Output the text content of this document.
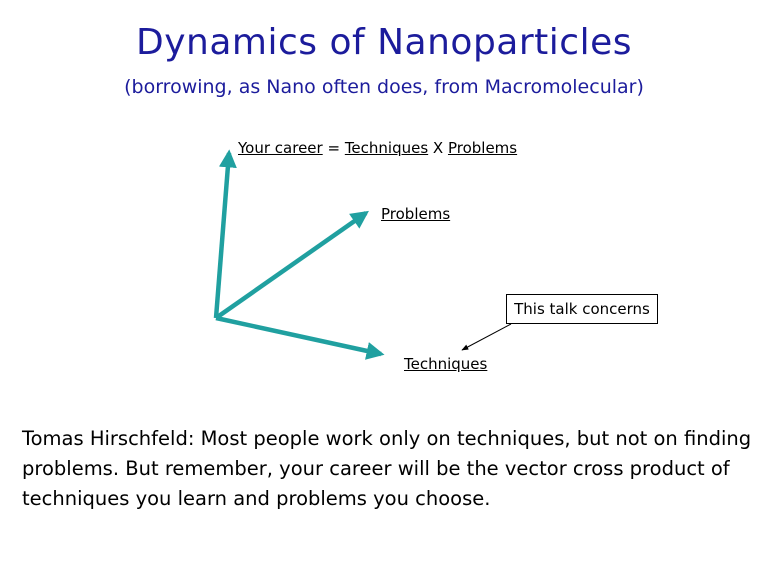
Dynamics of Nanoparticles
(borrowing, as Nano often does, from Macromolecular)
Your career = Techniques X Problems
Problems
Techniques
This talk concerns

Tomas Hirschfeld: Most people work only on techniques, but not on finding problems. But remember, your career will be the vector cross product of techniques you learn and problems you choose.
